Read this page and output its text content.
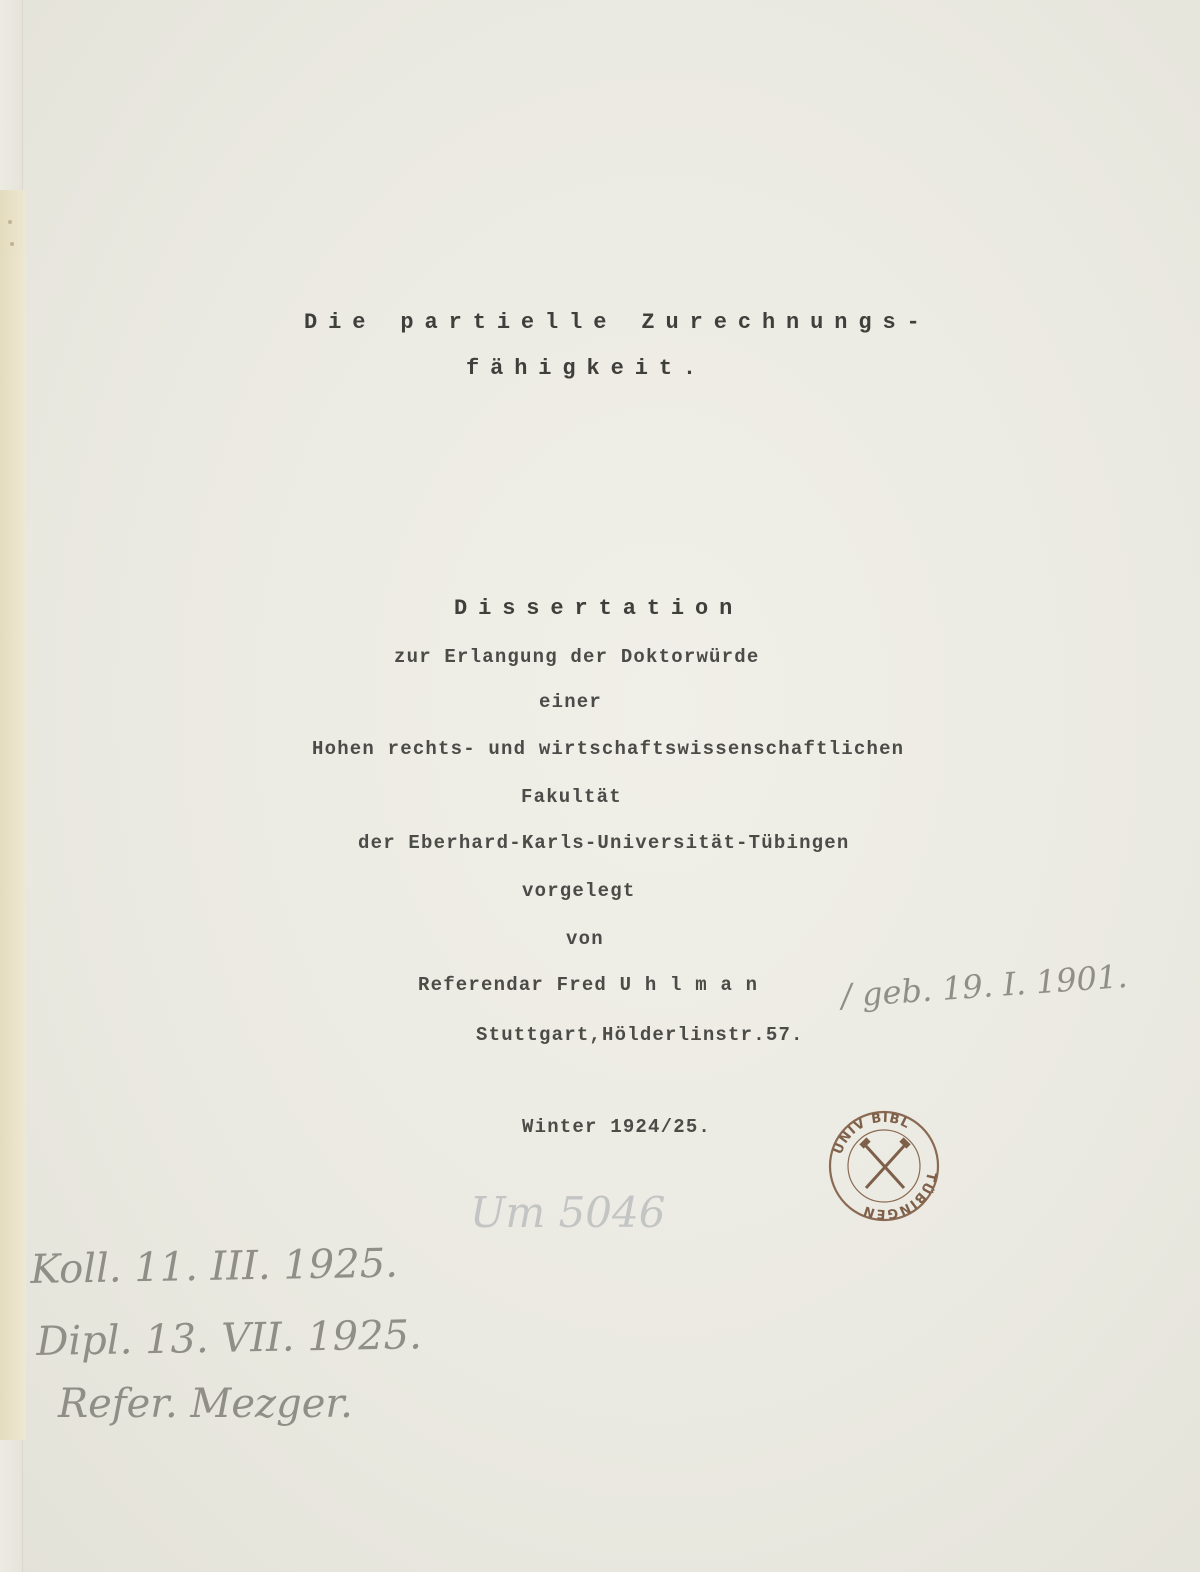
Die partielle Zurechnungs-

fähigkeit.

Dissertation

zur Erlangung der Doktorwürde

einer

Hohen rechts- und wirtschaftswissenschaftlichen

Fakultät

der Eberhard-Karls-Universität-Tübingen

vorgelegt

von

Referendar Fred U h l m a n

Stuttgart,Hölderlinstr.57.

Winter 1924/25.

/ geb. 19. I. 1901.

Um 5046

Koll. 11. III. 1925.

Dipl. 13. VII. 1925.

Refer. Mezger.

UNIV BIBL
TÜBINGEN
